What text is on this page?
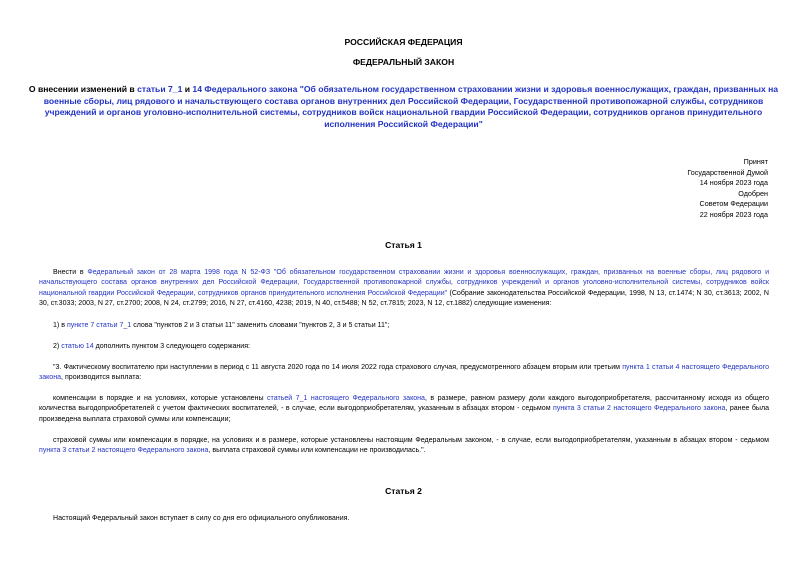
РОССИЙСКАЯ ФЕДЕРАЦИЯ
ФЕДЕРАЛЬНЫЙ ЗАКОН
О внесении изменений в статьи 7_1 и 14 Федерального закона "Об обязательном государственном страховании жизни и здоровья военнослужащих, граждан, призванных на военные сборы, лиц рядового и начальствующего состава органов внутренних дел Российской Федерации, Государственной противопожарной службы, сотрудников учреждений и органов уголовно-исполнительной системы, сотрудников войск национальной гвардии Российской Федерации, сотрудников органов принудительного исполнения Российской Федерации"
Принят
Государственной Думой
14 ноября 2023 года
Одобрен
Советом Федерации
22 ноября 2023 года
Статья 1
Внести в Федеральный закон от 28 марта 1998 года N 52-ФЗ "Об обязательном государственном страховании жизни и здоровья военнослужащих, граждан, призванных на военные сборы, лиц рядового и начальствующего состава органов внутренних дел Российской Федерации, Государственной противопожарной службы, сотрудников учреждений и органов уголовно-исполнительной системы, сотрудников войск национальной гвардии Российской Федерации, сотрудников органов принудительного исполнения Российской Федерации" (Собрание законодательства Российской Федерации, 1998, N 13, ст.1474; N 30, ст.3613; 2002, N 30, ст.3033; 2003, N 27, ст.2700; 2008, N 24, ст.2799; 2016, N 27, ст.4160, 4238; 2019, N 40, ст.5488; N 52, ст.7815; 2023, N 12, ст.1882) следующие изменения:
1) в пункте 7 статьи 7_1 слова "пунктов 2 и 3 статьи 11" заменить словами "пунктов 2, 3 и 5 статьи 11";
2) статью 14 дополнить пунктом 3 следующего содержания:
"3. Фактическому воспитателю при наступлении в период с 11 августа 2020 года по 14 июля 2022 года страхового случая, предусмотренного абзацем вторым или третьим пункта 1 статьи 4 настоящего Федерального закона, производится выплата:
компенсации в порядке и на условиях, которые установлены статьей 7_1 настоящего Федерального закона, в размере, равном размеру доли каждого выгодоприобретателя, рассчитанному исходя из общего количества выгодоприобретателей с учетом фактических воспитателей, - в случае, если выгодоприобретателям, указанным в абзацах втором - седьмом пункта 3 статьи 2 настоящего Федерального закона, ранее была произведена выплата страховой суммы или компенсации;
страховой суммы или компенсации в порядке, на условиях и в размере, которые установлены настоящим Федеральным законом, - в случае, если выгодоприобретателям, указанным в абзацах втором - седьмом пункта 3 статьи 2 настоящего Федерального закона, выплата страховой суммы или компенсации не производилась.".
Статья 2
Настоящий Федеральный закон вступает в силу со дня его официального опубликования.
